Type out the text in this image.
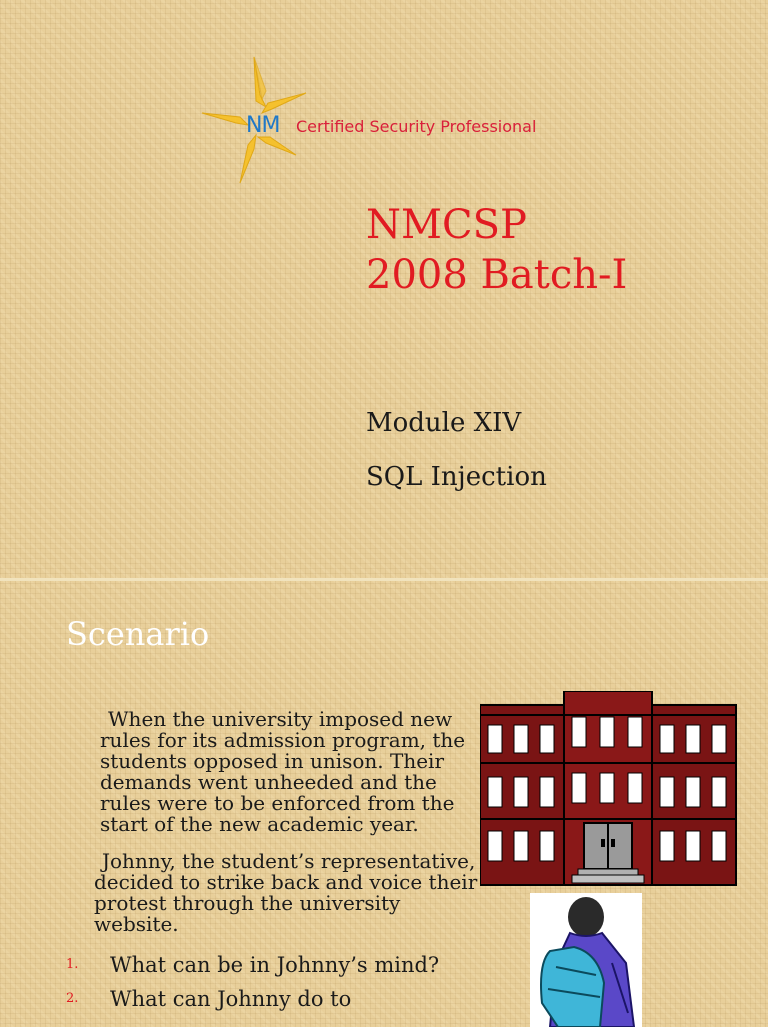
NM Certified Security Professional
NMCSP
2008 Batch-I
Module XIV
SQL Injection
Scenario

When the university imposed new rules for its admission program, the students opposed in unison. Their demands went unheeded and the rules were to be enforced from the start of the new academic year.

Johnny, the student’s representative, decided to strike back and voice their protest through the university website.

1. What can be in Johnny’s mind?
2. What can Johnny do to
